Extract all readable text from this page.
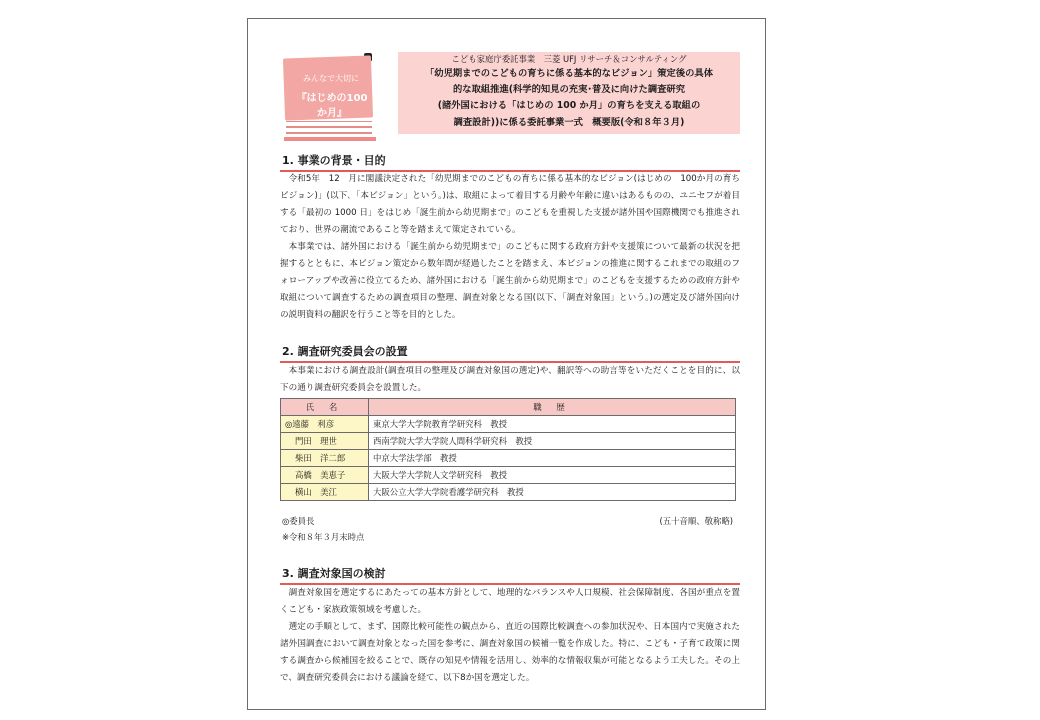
みんなで大切に
『はじめの100か月』
こども家庭庁委託事業　三菱 UFJ リサーチ＆コンサルティング
「幼児期までのこどもの育ちに係る基本的なビジョン」策定後の具体
的な取組推進(科学的知見の充実･普及に向けた調査研究
(諸外国における「はじめの 100 か月」の育ちを支える取組の
調査設計))に係る委託事業一式　概要版(令和８年３月)
1. 事業の背景・目的

令和5年　12　月に閣議決定された「幼児期までのこどもの育ちに係る基本的なビジョン(はじめの　100か月の育ちビジョン)」(以下､「本ビジョン」という。)は、取組によって着目する月齢や年齢に違いはあるものの、ユニセフが着目する「最初の 1000 日」をはじめ「誕生前から幼児期まで」のこどもを重視した支援が諸外国や国際機関でも推進されており、世界の潮流であること等を踏まえて策定されている。

本事業では、諸外国における「誕生前から幼児期まで」のこどもに関する政府方針や支援策について最新の状況を把握するとともに、本ビジョン策定から数年間が経過したことを踏まえ、本ビジョンの推進に関するこれまでの取組のフォローアップや改善に役立てるため、諸外国における「誕生前から幼児期まで」のこどもを支援するための政府方針や取組について調査するための調査項目の整理、調査対象となる国(以下、「調査対象国」という。)の選定及び諸外国向けの説明資料の翻訳を行うこと等を目的とした。

2. 調査研究委員会の設置

本事業における調査設計(調査項目の整理及び調査対象国の選定)や、翻訳等への助言等をいただくことを目的に、以下の通り調査研究委員会を設置した。

氏 名	職 歴
◎遠藤　利彦	東京大学大学院教育学研究科　教授
門田　理世	西南学院大学大学院人間科学研究科　教授
柴田　洋二郎	中京大学法学部　教授
高橋　美恵子	大阪大学大学院人文学研究科　教授
横山　美江	大阪公立大学大学院看護学研究科　教授
◎委員長	(五十音順、敬称略)
※令和８年３月末時点
3. 調査対象国の検討

調査対象国を選定するにあたっての基本方針として、地理的なバランスや人口規模、社会保障制度、各国が重点を置くこども・家族政策領域を考慮した。

選定の手順として、まず、国際比較可能性の観点から、直近の国際比較調査への参加状況や、日本国内で実施された諸外国調査において調査対象となった国を参考に、調査対象国の候補一覧を作成した。特に、こども・子育て政策に関する調査から候補国を絞ることで、既存の知見や情報を活用し、効率的な情報収集が可能となるよう工夫した。その上で、調査研究委員会における議論を経て、以下8か国を選定した。
